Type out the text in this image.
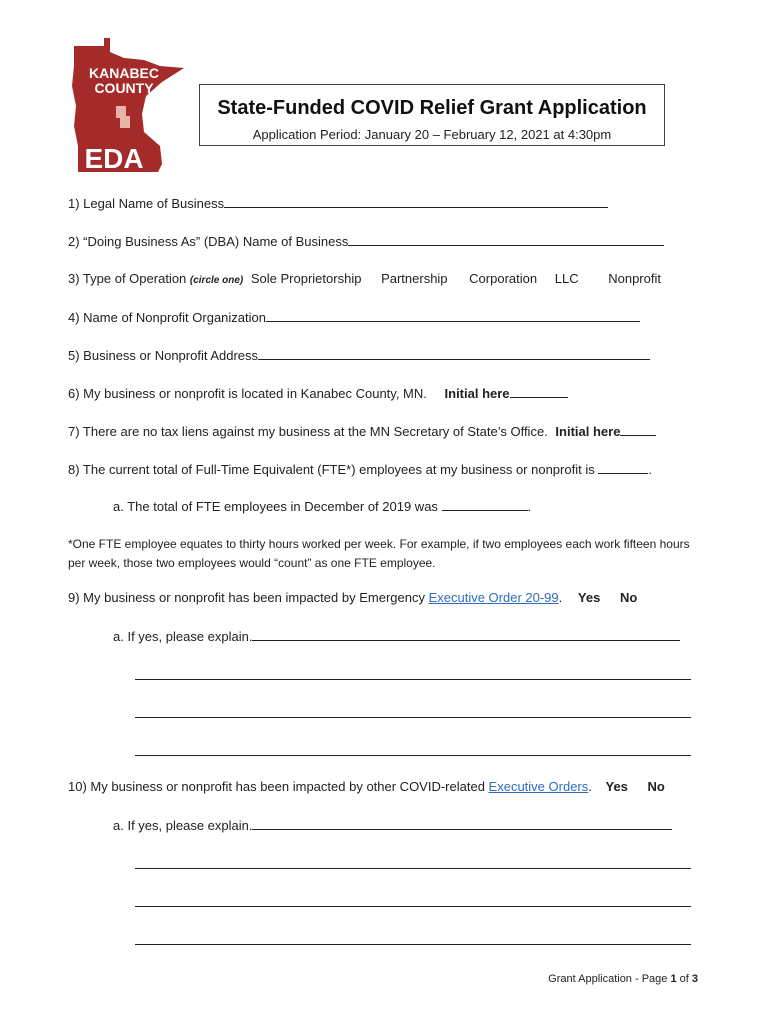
KANABEC
COUNTY
EDA
State-Funded COVID Relief Grant Application
Application Period: January 20 – February 12, 2021 at 4:30pm
1) Legal Name of Business
2) “Doing Business As” (DBA) Name of Business
3) Type of Operation (circle one) Sole Proprietorship Partnership Corporation LLC Nonprofit
4) Name of Nonprofit Organization
5) Business or Nonprofit Address
6) My business or nonprofit is located in Kanabec County, MN. Initial here
7) There are no tax liens against my business at the MN Secretary of State’s Office. Initial here
8) The current total of Full-Time Equivalent (FTE*) employees at my business or nonprofit is	.
a. The total of FTE employees in December of 2019 was	.
*One FTE employee equates to thirty hours worked per week. For example, if two employees each work fifteen hours per week, those two employees would “count” as one FTE employee.
9) My business or nonprofit has been impacted by Emergency Executive Order 20-99. Yes No
a. If yes, please explain.
10) My business or nonprofit has been impacted by other COVID-related Executive Orders. Yes No
a. If yes, please explain.
Grant Application - Page 1 of 3
